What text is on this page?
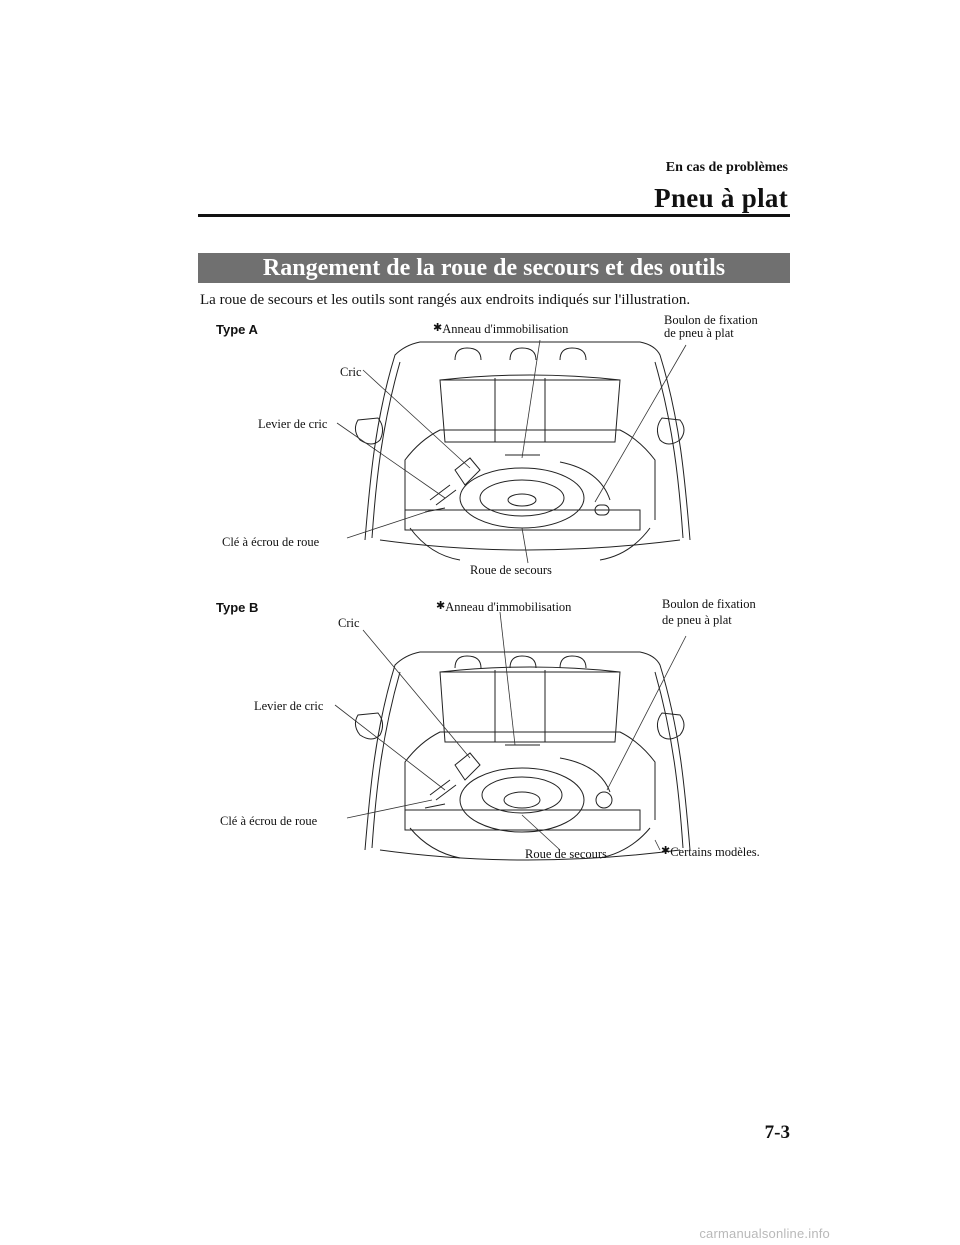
En cas de problèmes
Pneu à plat
Rangement de la roue de secours et des outils
La roue de secours et les outils sont rangés aux endroits indiqués sur l'illustration.
Type A
Cric
✱Anneau d'immobilisation
Boulon de fixation
de pneu à plat
Levier de cric
Clé à écrou de roue
Roue de secours
Type B
Cric
✱Anneau d'immobilisation	Boulon de fixation
de pneu à plat
Levier de cric
Clé à écrou de roue
Roue de secours	✱Certains modèles.
7-3
carmanualsonline.info
